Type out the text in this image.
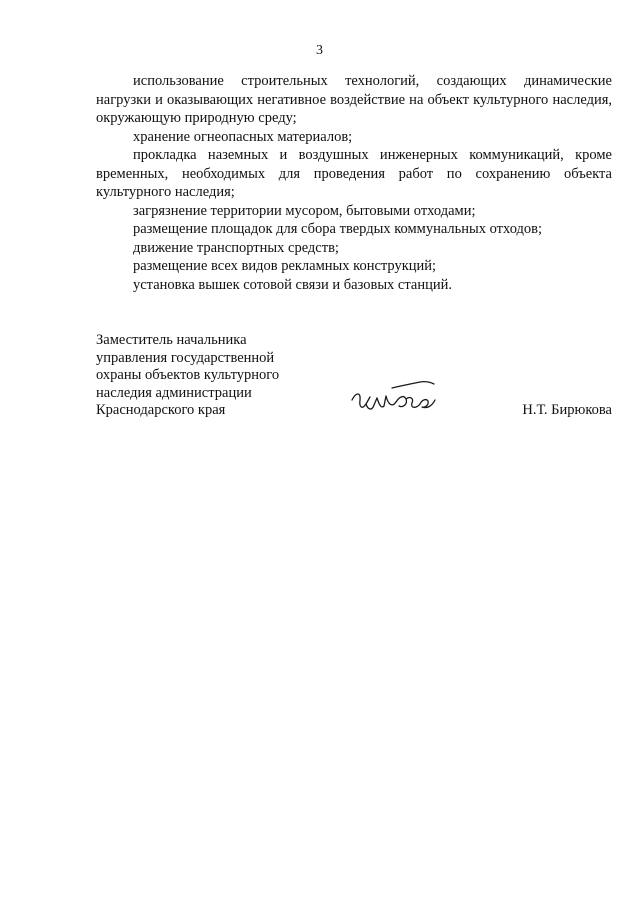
3

использование строительных технологий, создающих динамические нагрузки и оказывающих негативное воздействие на объект культурного наследия, окружающую природную среду;

хранение огнеопасных материалов;

прокладка наземных и воздушных инженерных коммуникаций, кроме временных, необходимых для проведения работ по сохранению объекта культурного наследия;

загрязнение территории мусором, бытовыми отходами;

размещение площадок для сбора твердых коммунальных отходов;

движение транспортных средств;

размещение всех видов рекламных конструкций;

установка вышек сотовой связи и базовых станций.

Заместитель начальника
управления государственной
охраны объектов культурного
наследия администрации
Краснодарского края	Н.Т. Бирюкова
